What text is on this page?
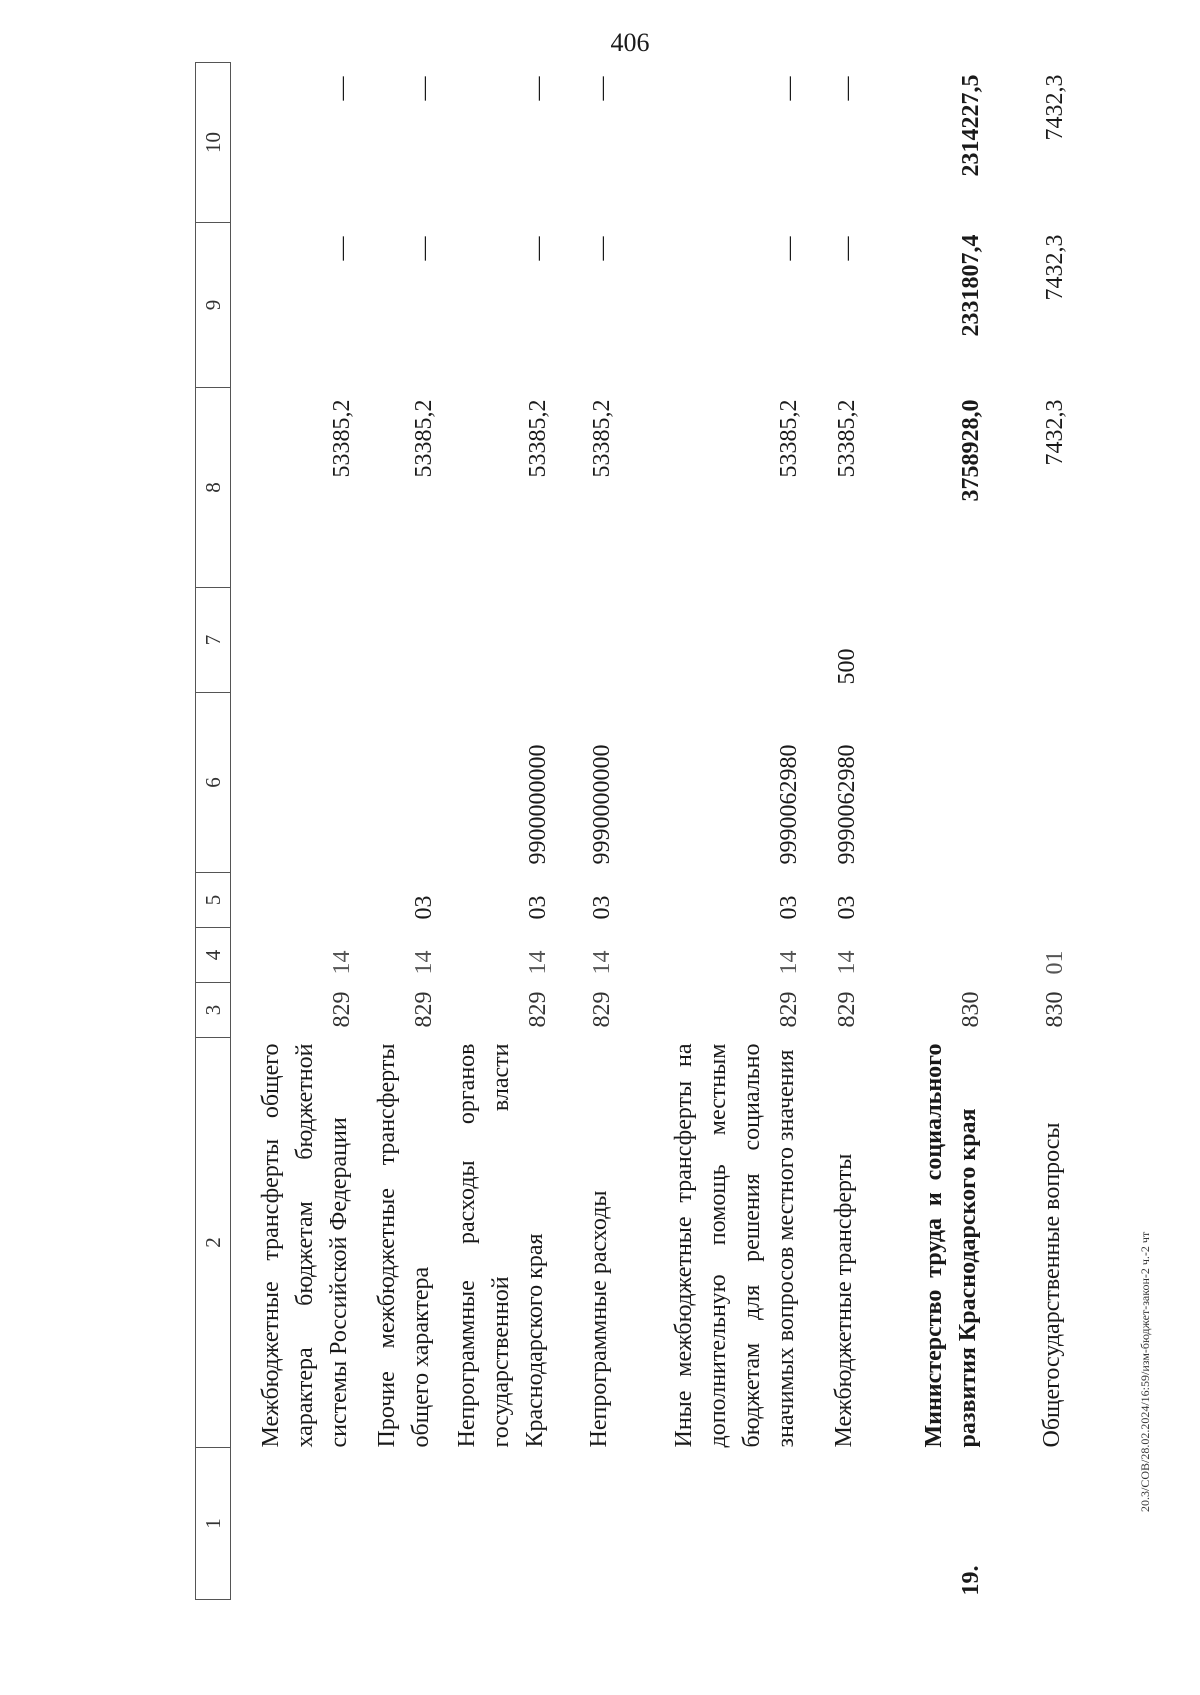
406
20.3/СОВ/28.02.2024/16:59/изм-бюджет-закон-2 ч.-2 чт
1	2	3	4	5	6	7	8	9	10
	Межбюджетные трансферты общего характера бюджетам бюджетной системы Российской Федерации	829	14				53385,2	—	—
	Прочие межбюджетные трансферты общего характера	829	14	03			53385,2	—	—
	Непрограммные расходы органов государственной власти Краснодарского края	829	14	03	9900000000		53385,2	—	—
	Непрограммные расходы	829	14	03	9990000000		53385,2	—	—
	Иные межбюджетные трансферты на дополнительную помощь местным бюджетам для решения социально значимых вопросов местного значения	829	14	03	9990062980		53385,2	—	—
	Межбюджетные трансферты	829	14	03	9990062980	500	53385,2	—	—
19.	Министерство труда и социального развития Краснодарского края	830					3758928,0	2331807,4	2314227,5
	Общегосударственные вопросы	830	01				7432,3	7432,3	7432,3
